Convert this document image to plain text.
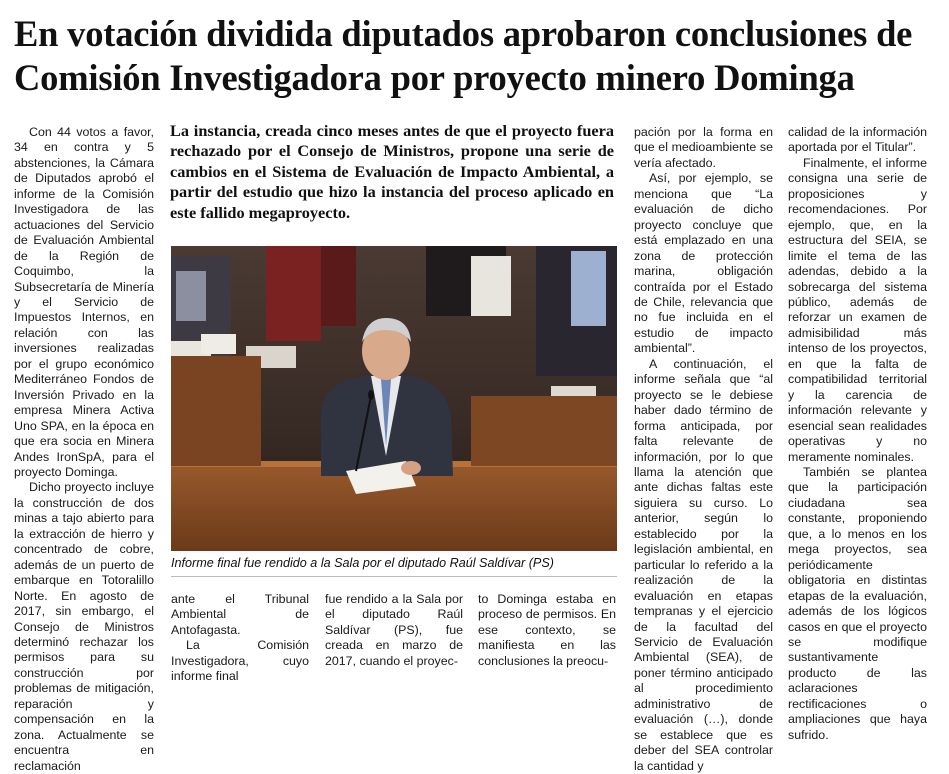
En votación dividida diputados aprobaron conclusiones de Comisión Investigadora por proyecto minero Dominga

Con 44 votos a favor, 34 en contra y 5 abstenciones, la Cámara de Diputados aprobó el informe de la Comisión Investigadora de las actuaciones del Servicio de Evaluación Ambiental de la Región de Coquimbo, la Subsecretaría de Minería y el Servicio de Impuestos Internos, en relación con las inversiones realizadas por el grupo económico Mediterráneo Fondos de Inversión Privado en la empresa Minera Activa Uno SPA, en la época en que era socia en Minera Andes IronSpA, para el proyecto Dominga.

Dicho proyecto incluye la construcción de dos minas a tajo abierto para la extracción de hierro y concentrado de cobre, además de un puerto de embarque en Totoralillo Norte. En agosto de 2017, sin embargo, el Consejo de Ministros determinó rechazar los permisos para su construcción por problemas de mitigación, reparación y compensación en la zona. Actualmente se encuentra en reclamación

La instancia, creada cinco meses antes de que el proyecto fuera rechazado por el Consejo de Ministros, propone una serie de cambios en el Sistema de Evaluación de Impacto Ambiental, a partir del estudio que hizo la instancia del proceso aplicado en este fallido megaproyecto.

Informe final fue rendido a la Sala por el diputado Raúl Saldívar (PS)

ante el Tribunal Ambiental de Antofagasta.

La Comisión Investigadora, cuyo informe final

fue rendido a la Sala por el diputado Raúl Saldívar (PS), fue creada en marzo de 2017, cuando el proyec-

to Dominga estaba en proceso de permisos. En ese contexto, se manifiesta en las conclusiones la preocu-

pación por la forma en que el medioambiente se vería afectado.

Así, por ejemplo, se menciona que “La evaluación de dicho proyecto concluye que está emplazado en una zona de protección marina, obligación contraída por el Estado de Chile, relevancia que no fue incluida en el estudio de impacto ambiental”.

A continuación, el informe señala que “al proyecto se le debiese haber dado término de forma anticipada, por falta relevante de información, por lo que llama la atención que ante dichas faltas este siguiera su curso. Lo anterior, según lo establecido por la legislación ambiental, en particular lo referido a la realización de la evaluación en etapas tempranas y el ejercicio de la facultad del Servicio de Evaluación Ambiental (SEA), de poner término anticipado al procedimiento administrativo de evaluación (…), donde se establece que es deber del SEA controlar la cantidad y

calidad de la información aportada por el Titular”.

Finalmente, el informe consigna una serie de proposiciones y recomendaciones. Por ejemplo, que, en la estructura del SEIA, se limite el tema de las adendas, debido a la sobrecarga del sistema público, además de reforzar un examen de admisibilidad más intenso de los proyectos, en que la falta de compatibilidad territorial y la carencia de información relevante y esencial sean realidades operativas y no meramente nominales.

También se plantea que la participación ciudadana sea constante, proponiendo que, a lo menos en los mega proyectos, sea periódicamente obligatoria en distintas etapas de la evaluación, además de los lógicos casos en que el proyecto se modifique sustantivamente producto de las aclaraciones rectificaciones o ampliaciones que haya sufrido.
